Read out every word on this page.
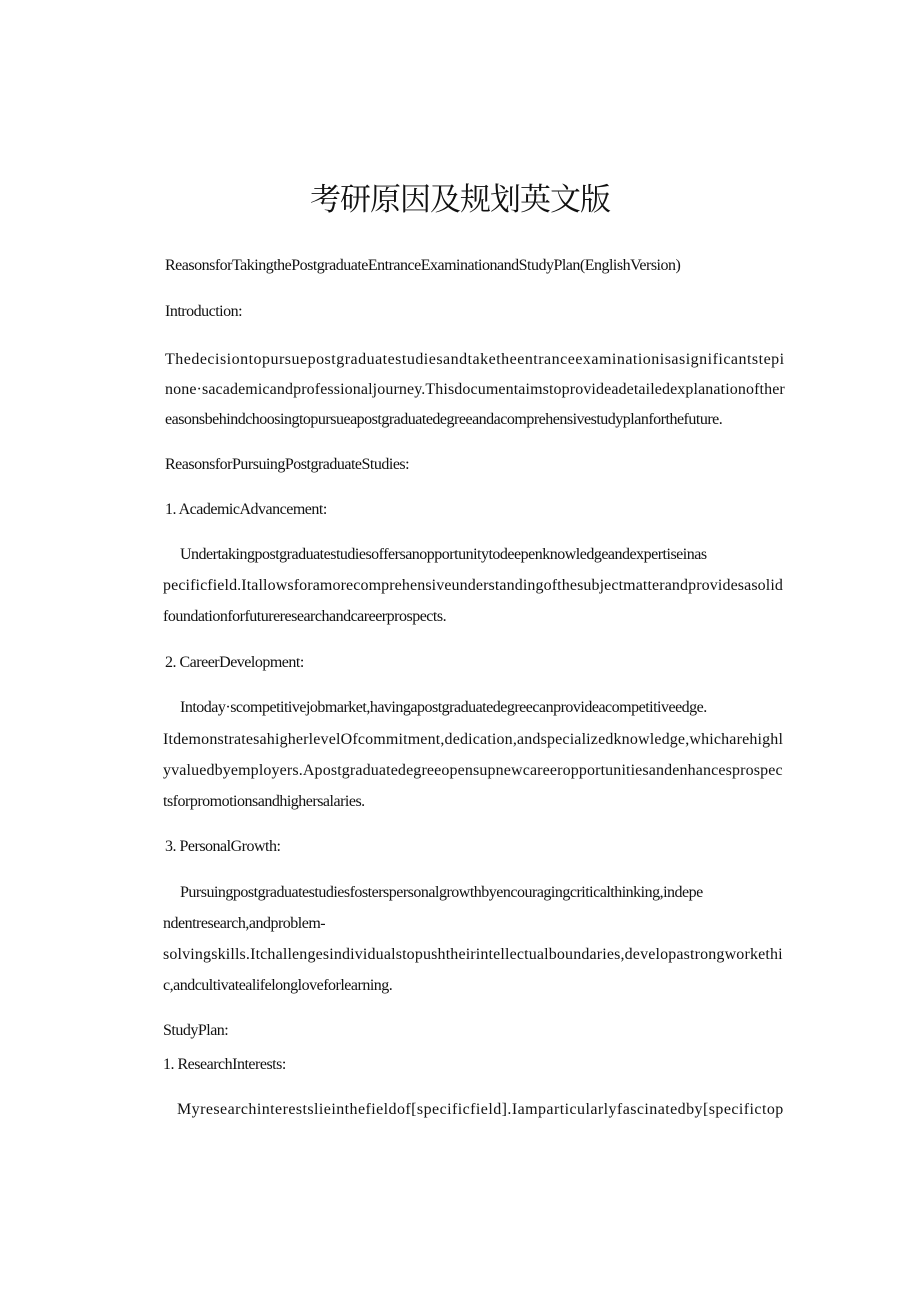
考研原因及规划英文版
ReasonsforTakingthePostgraduateEntranceExaminationandStudyPlan(EnglishVersion)
Introduction:
Thedecisiontopursuepostgraduatestudiesandtaketheentranceexaminationisasignificantstepi
none·sacademicandprofessionaljourney.Thisdocumentaimstoprovideadetailedexplanationofther
easonsbehindchoosingtopursueapostgraduatedegreeandacomprehensivestudyplanforthefuture.
ReasonsforPursuingPostgraduateStudies:
1. AcademicAdvancement:
Undertakingpostgraduatestudiesoffersanopportunitytodeepenknowledgeandexpertiseinas
pecificfield.Itallowsforamorecomprehensiveunderstandingofthesubjectmatterandprovidesasolid
foundationforfutureresearchandcareerprospects.
2. CareerDevelopment:
Intoday·scompetitivejobmarket,havingapostgraduatedegreecanprovideacompetitiveedge.
ItdemonstratesahigherlevelOfcommitment,dedication,andspecializedknowledge,whicharehighl
yvaluedbyemployers.Apostgraduatedegreeopensupnewcareeropportunitiesandenhancesprospec
tsforpromotionsandhighersalaries.
3. PersonalGrowth:
Pursuingpostgraduatestudiesfosterspersonalgrowthbyencouragingcriticalthinking,indepe
ndentresearch,andproblem-
solvingskills.Itchallengesindividualstopushtheirintellectualboundaries,developastrongworkethi
c,andcultivatealifelongloveforlearning.
StudyPlan:
1. ResearchInterests:
Myresearchinterestslieinthefieldof[specificfield].Iamparticularlyfascinatedby[specifictop
